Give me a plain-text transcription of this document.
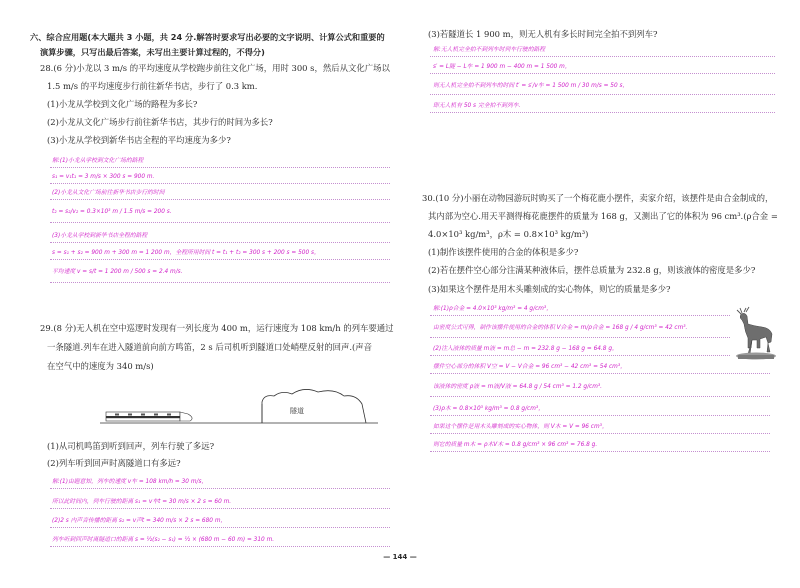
六、综合应用题(本大题共 3 小题，共 24 分.解答时要求写出必要的文字说明、计算公式和重要的
演算步骤，只写出最后答案，未写出主要计算过程的，不得分)
28.(6 分)小龙以 3 m/s 的平均速度从学校跑步前往文化广场，用时 300 s，然后从文化广场以
1.5 m/s 的平均速度步行前往新华书店，步行了 0.3 km.
(1)小龙从学校到文化广场的路程为多长?
(2)小龙从文化广场步行前往新华书店，其步行的时间为多长?
(3)小龙从学校到新华书店全程的平均速度为多少?
解:(1)小龙从学校到文化广场的路程
s₁ = v₁t₁ = 3 m/s × 300 s = 900 m.
(2)小龙从文化广场前往新华书店步行的时间
t₂ = s₂/v₂ = 0.3×10³ m / 1.5 m/s = 200 s.
(3)小龙从学校到新华书店全程的路程
s = s₁ + s₂ = 900 m + 300 m = 1 200 m，全程所用时间 t = t₁ + t₂ = 300 s + 200 s = 500 s，
平均速度 v = s/t = 1 200 m / 500 s = 2.4 m/s.
29.(8 分)无人机在空中巡逻时发现有一列长度为 400 m，运行速度为 108 km/h 的列车要通过
一条隧道.列车在进入隧道前向前方鸣笛，2 s 后司机听到隧道口处峭壁反射的回声.(声音
在空气中的速度为 340 m/s)
隧道
(1)从司机鸣笛到听到回声，列车行驶了多远?
(2)列车听到回声时离隧道口有多远?
解:(1)由题意知，列车的速度 v车 = 108 km/h = 30 m/s，
所以此时间内，列车行驶的距离 s₁ = v车t = 30 m/s × 2 s = 60 m.
(2)2 s 内声音传播的距离 s₂ = v声t = 340 m/s × 2 s = 680 m，
列车听到回声时离隧道口的距离 s = ½(s₂ − s₁) = ½ × (680 m − 60 m) = 310 m.
(3)若隧道长 1 900 m，则无人机有多长时间完全拍不到列车?
解:无人机完全拍不到列车时列车行驶的路程
s′ = L隧 − L车 = 1 900 m − 400 m = 1 500 m，
则无人机完全拍不到列车的时间 t′ = s′/v车 = 1 500 m / 30 m/s = 50 s，
即无人机有 50 s 完全拍不到列车.
30.(10 分)小丽在动物园游玩时购买了一个梅花鹿小摆件，卖家介绍，该摆件是由合金制成的，
其内部为空心.用天平测得梅花鹿摆件的质量为 168 g，又测出了它的体积为 96 cm³.(ρ合金 =
4.0×10³ kg/m³，ρ木 = 0.8×10³ kg/m³)
(1)制作该摆件使用的合金的体积是多少?
(2)若在摆件空心部分注满某种液体后，摆件总质量为 232.8 g，则该液体的密度是多少?
(3)如果这个摆件是用木头雕刻成的实心物体，则它的质量是多少?
解:(1)ρ合金 = 4.0×10³ kg/m³ = 4 g/cm³，
由密度公式可得，制作该摆件使用的合金的体积 V合金 = m/ρ合金 = 168 g / 4 g/cm³ = 42 cm³.
(2)注入液体的质量 m液 = m总 − m = 232.8 g − 168 g = 64.8 g，
摆件空心部分的体积 V空 = V − V合金 = 96 cm³ − 42 cm³ = 54 cm³，
该液体的密度 ρ液 = m液/V液 = 64.8 g / 54 cm³ = 1.2 g/cm³.
(3)ρ木 = 0.8×10³ kg/m³ = 0.8 g/cm³，
如果这个摆件是用木头雕刻成的实心物体，则 V木 = V = 96 cm³，
则它的质量 m木 = ρ木V木 = 0.8 g/cm³ × 96 cm³ = 76.8 g.
— 144 —
